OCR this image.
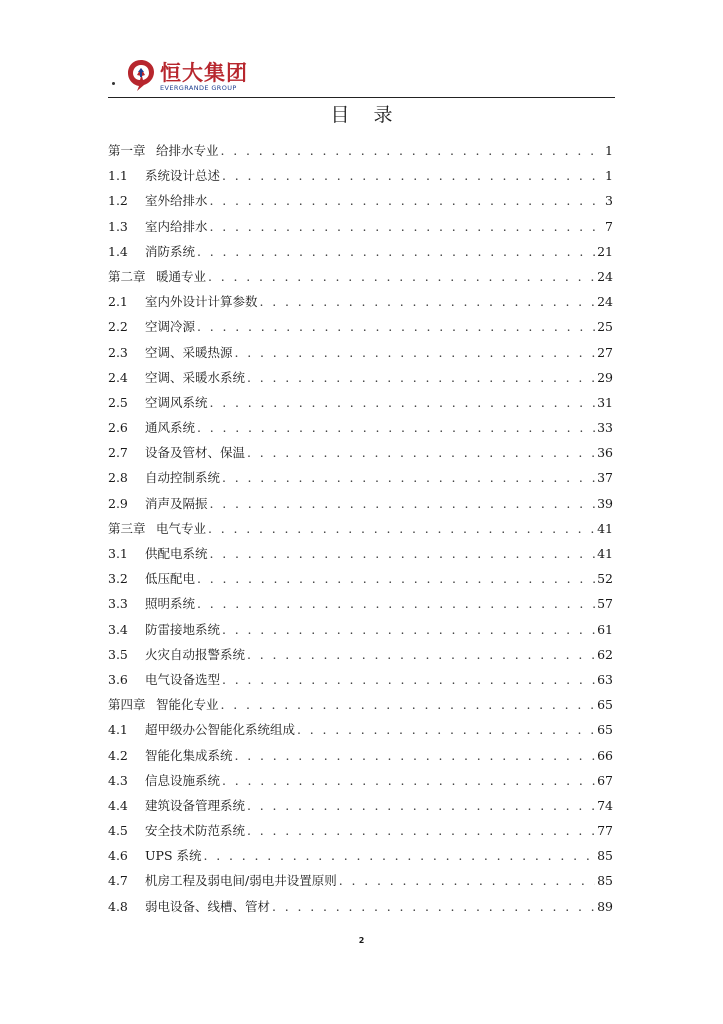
恒大集团
EVERGRANDE GROUP
目录
第一章 给排水专业 . . .	1
1.1	系统设计总述 . . .	1
1.2	室外给排水 . . .	3
1.3	室内给排水 . . .	7
1.4	消防系统 . . .	21
第二章 暖通专业 . . .	24
2.1	室内外设计计算参数 . . .	24
2.2	空调冷源 . . .	25
2.3	空调、采暖热源 . . .	27
2.4	空调、采暖水系统 . . .	29
2.5	空调风系统 . . .	31
2.6	通风系统 . . .	33
2.7	设备及管材、保温 . . .	36
2.8	自动控制系统 . . .	37
2.9	消声及隔振 . . .	39
第三章 电气专业 . . .	41
3.1	供配电系统 . . .	41
3.2	低压配电 . . .	52
3.3	照明系统 . . .	57
3.4	防雷接地系统 . . .	61
3.5	火灾自动报警系统 . . .	62
3.6	电气设备选型 . . .	63
第四章 智能化专业 . . .	65
4.1	超甲级办公智能化系统组成 . . .	65
4.2	智能化集成系统 . . .	66
4.3	信息设施系统 . . .	67
4.4	建筑设备管理系统 . . .	74
4.5	安全技术防范系统 . . .	77
4.6	UPS 系统 . . .	85
4.7	机房工程及弱电间/弱电井设置原则 . . .	85
4.8	弱电设备、线槽、管材 . . .	89
2
